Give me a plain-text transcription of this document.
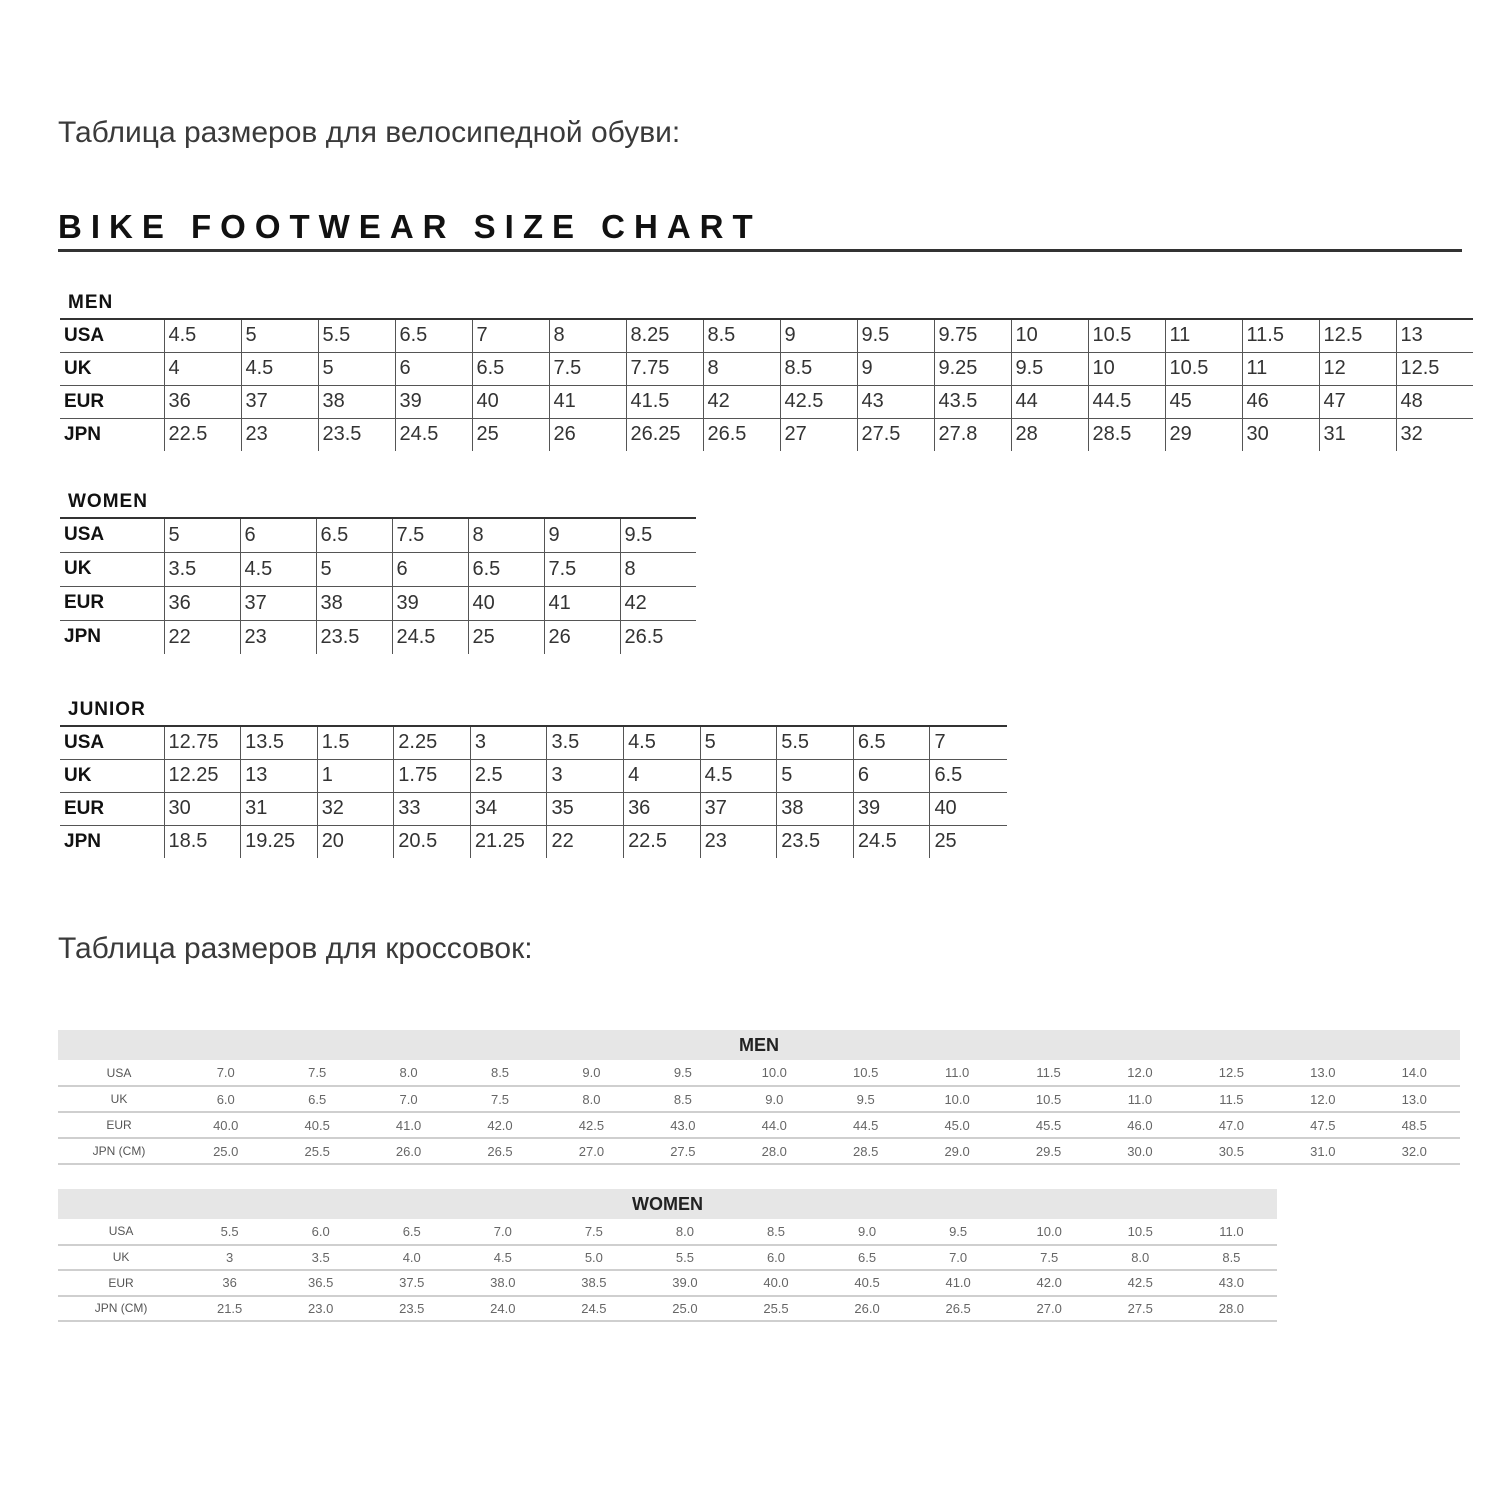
Таблица размеров для велосипедной обуви:
BIKE FOOTWEAR SIZE CHART
MEN
USA	4.5	5	5.5	6.5	7	8	8.25	8.5	9	9.5	9.75	10	10.5	11	11.5	12.5	13
UK	4	4.5	5	6	6.5	7.5	7.75	8	8.5	9	9.25	9.5	10	10.5	11	12	12.5
EUR	36	37	38	39	40	41	41.5	42	42.5	43	43.5	44	44.5	45	46	47	48
JPN	22.5	23	23.5	24.5	25	26	26.25	26.5	27	27.5	27.8	28	28.5	29	30	31	32
WOMEN
USA	5	6	6.5	7.5	8	9	9.5
UK	3.5	4.5	5	6	6.5	7.5	8
EUR	36	37	38	39	40	41	42
JPN	22	23	23.5	24.5	25	26	26.5
JUNIOR
USA	12.75	13.5	1.5	2.25	3	3.5	4.5	5	5.5	6.5	7
UK	12.25	13	1	1.75	2.5	3	4	4.5	5	6	6.5
EUR	30	31	32	33	34	35	36	37	38	39	40
JPN	18.5	19.25	20	20.5	21.25	22	22.5	23	23.5	24.5	25
Таблица размеров для кроссовок:
MEN
USA	7.0	7.5	8.0	8.5	9.0	9.5	10.0	10.5	11.0	11.5	12.0	12.5	13.0	14.0
UK	6.0	6.5	7.0	7.5	8.0	8.5	9.0	9.5	10.0	10.5	11.0	11.5	12.0	13.0
EUR	40.0	40.5	41.0	42.0	42.5	43.0	44.0	44.5	45.0	45.5	46.0	47.0	47.5	48.5
JPN (CM)	25.0	25.5	26.0	26.5	27.0	27.5	28.0	28.5	29.0	29.5	30.0	30.5	31.0	32.0
WOMEN
USA	5.5	6.0	6.5	7.0	7.5	8.0	8.5	9.0	9.5	10.0	10.5	11.0
UK	3	3.5	4.0	4.5	5.0	5.5	6.0	6.5	7.0	7.5	8.0	8.5
EUR	36	36.5	37.5	38.0	38.5	39.0	40.0	40.5	41.0	42.0	42.5	43.0
JPN (CM)	21.5	23.0	23.5	24.0	24.5	25.0	25.5	26.0	26.5	27.0	27.5	28.0
